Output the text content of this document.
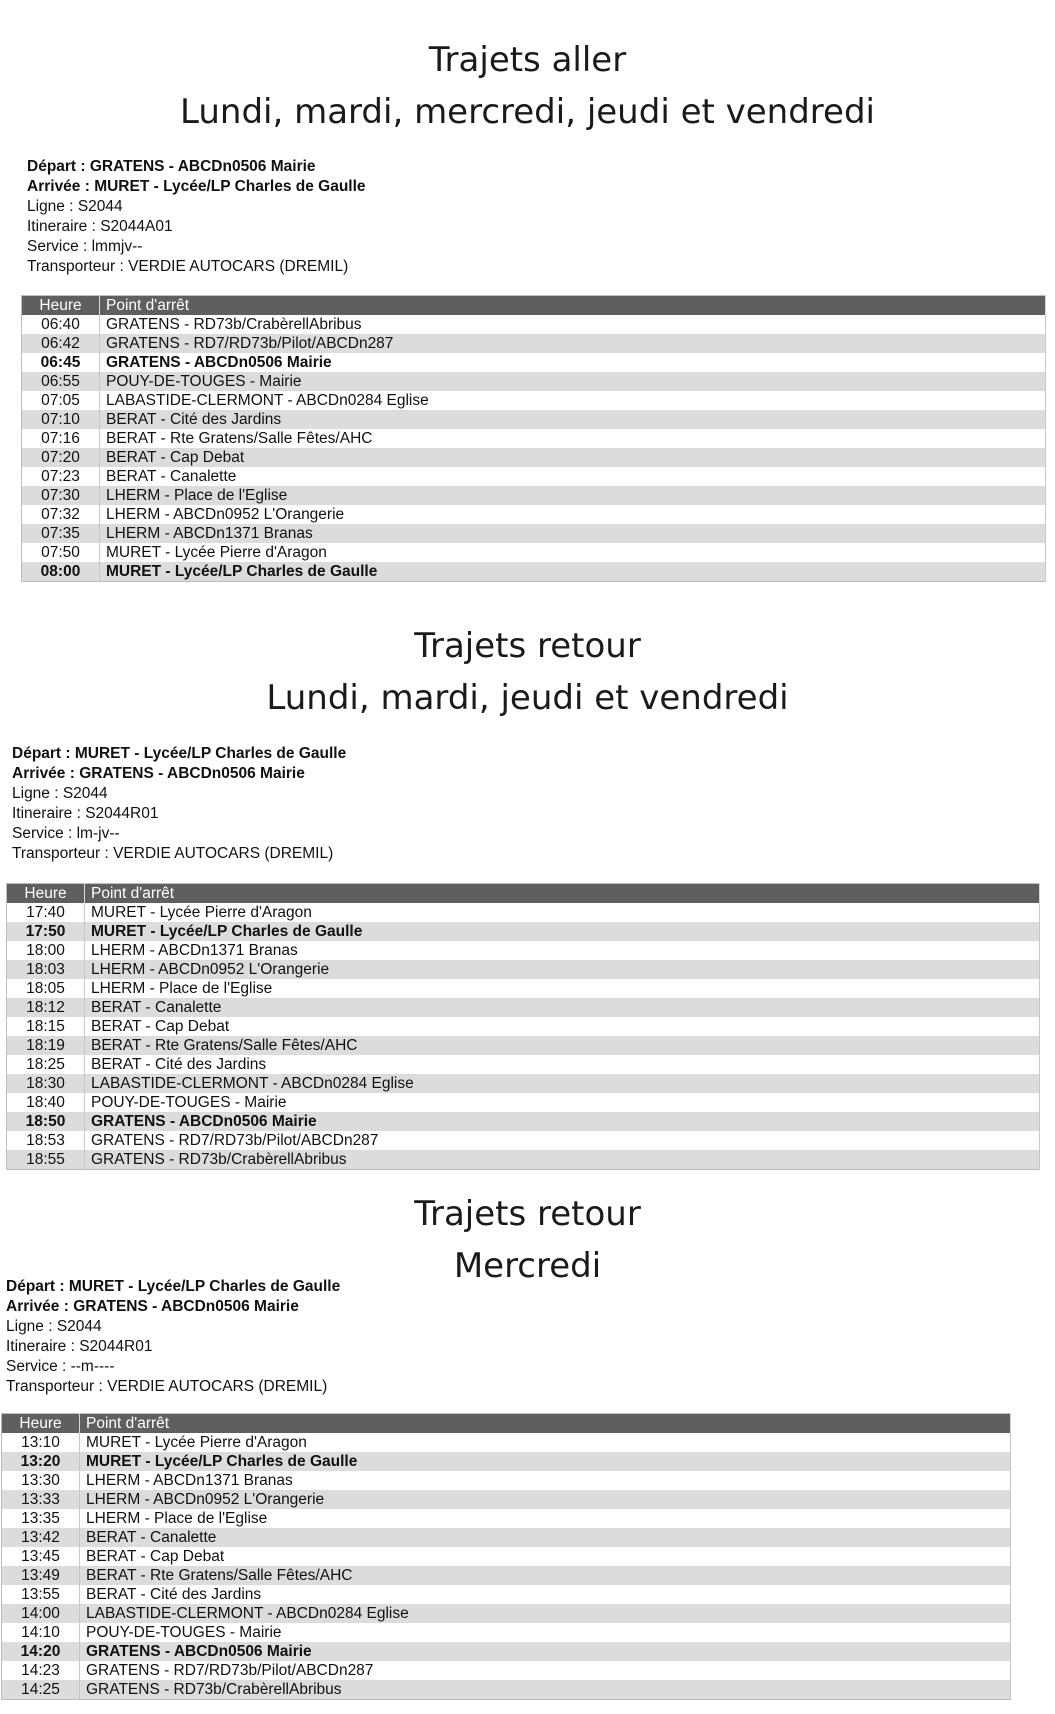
Trajets aller
Lundi, mardi, mercredi, jeudi et vendredi
Départ : GRATENS - ABCDn0506 Mairie
Arrivée : MURET - Lycée/LP Charles de Gaulle
Ligne : S2044
Itineraire : S2044A01
Service : lmmjv--
Transporteur : VERDIE AUTOCARS (DREMIL)
Heure	Point d'arrêt
06:40	GRATENS - RD73b/CrabèrellAbribus
06:42	GRATENS - RD7/RD73b/Pilot/ABCDn287
06:45	GRATENS - ABCDn0506 Mairie
06:55	POUY-DE-TOUGES - Mairie
07:05	LABASTIDE-CLERMONT - ABCDn0284 Eglise
07:10	BERAT - Cité des Jardins
07:16	BERAT - Rte Gratens/Salle Fêtes/AHC
07:20	BERAT - Cap Debat
07:23	BERAT - Canalette
07:30	LHERM - Place de l'Eglise
07:32	LHERM - ABCDn0952 L'Orangerie
07:35	LHERM - ABCDn1371 Branas
07:50	MURET - Lycée Pierre d'Aragon
08:00	MURET - Lycée/LP Charles de Gaulle
Trajets retour
Lundi, mardi, jeudi et vendredi
Départ : MURET - Lycée/LP Charles de Gaulle
Arrivée : GRATENS - ABCDn0506 Mairie
Ligne : S2044
Itineraire : S2044R01
Service : lm-jv--
Transporteur : VERDIE AUTOCARS (DREMIL)
Heure	Point d'arrêt
17:40	MURET - Lycée Pierre d'Aragon
17:50	MURET - Lycée/LP Charles de Gaulle
18:00	LHERM - ABCDn1371 Branas
18:03	LHERM - ABCDn0952 L'Orangerie
18:05	LHERM - Place de l'Eglise
18:12	BERAT - Canalette
18:15	BERAT - Cap Debat
18:19	BERAT - Rte Gratens/Salle Fêtes/AHC
18:25	BERAT - Cité des Jardins
18:30	LABASTIDE-CLERMONT - ABCDn0284 Eglise
18:40	POUY-DE-TOUGES - Mairie
18:50	GRATENS - ABCDn0506 Mairie
18:53	GRATENS - RD7/RD73b/Pilot/ABCDn287
18:55	GRATENS - RD73b/CrabèrellAbribus
Trajets retour
Mercredi
Départ : MURET - Lycée/LP Charles de Gaulle
Arrivée : GRATENS - ABCDn0506 Mairie
Ligne : S2044
Itineraire : S2044R01
Service : --m----
Transporteur : VERDIE AUTOCARS (DREMIL)
Heure	Point d'arrêt
13:10	MURET - Lycée Pierre d'Aragon
13:20	MURET - Lycée/LP Charles de Gaulle
13:30	LHERM - ABCDn1371 Branas
13:33	LHERM - ABCDn0952 L'Orangerie
13:35	LHERM - Place de l'Eglise
13:42	BERAT - Canalette
13:45	BERAT - Cap Debat
13:49	BERAT - Rte Gratens/Salle Fêtes/AHC
13:55	BERAT - Cité des Jardins
14:00	LABASTIDE-CLERMONT - ABCDn0284 Eglise
14:10	POUY-DE-TOUGES - Mairie
14:20	GRATENS - ABCDn0506 Mairie
14:23	GRATENS - RD7/RD73b/Pilot/ABCDn287
14:25	GRATENS - RD73b/CrabèrellAbribus
